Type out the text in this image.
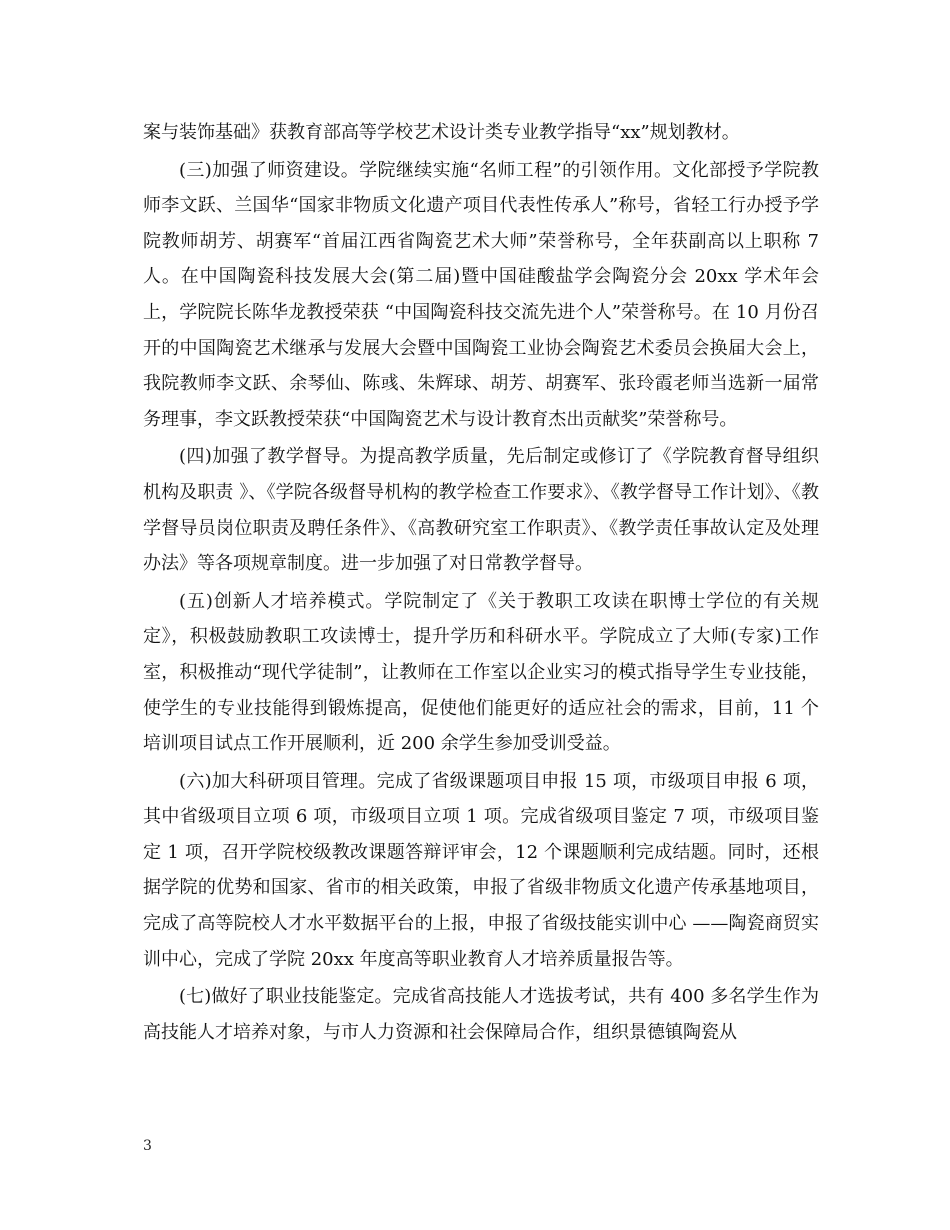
案与装饰基础》获教育部高等学校艺术设计类专业教学指导“xx”规划教材。

(三)加强了师资建设。学院继续实施“名师工程”的引领作用。文化部授予学院教师李文跃、兰国华“国家非物质文化遗产项目代表性传承人”称号，省轻工行办授予学院教师胡芳、胡赛军“首届江西省陶瓷艺术大师”荣誉称号，全年获副高以上职称 7 人。在中国陶瓷科技发展大会(第二届)暨中国硅酸盐学会陶瓷分会 20xx 学术年会上，学院院长陈华龙教授荣获 “中国陶瓷科技交流先进个人”荣誉称号。在 10 月份召开的中国陶瓷艺术继承与发展大会暨中国陶瓷工业协会陶瓷艺术委员会换届大会上，我院教师李文跃、余琴仙、陈彧、朱辉球、胡芳、胡赛军、张玲霞老师当选新一届常务理事，李文跃教授荣获“中国陶瓷艺术与设计教育杰出贡献奖”荣誉称号。

(四)加强了教学督导。为提高教学质量，先后制定或修订了《学院教育督导组织机构及职责 》、《学院各级督导机构的教学检查工作要求》、《教学督导工作计划》、《教学督导员岗位职责及聘任条件》、《高教研究室工作职责》、《教学责任事故认定及处理办法》等各项规章制度。进一步加强了对日常教学督导。

(五)创新人才培养模式。学院制定了《关于教职工攻读在职博士学位的有关规定》，积极鼓励教职工攻读博士，提升学历和科研水平。学院成立了大师(专家)工作室，积极推动“现代学徒制”，让教师在工作室以企业实习的模式指导学生专业技能，使学生的专业技能得到锻炼提高，促使他们能更好的适应社会的需求，目前，11 个培训项目试点工作开展顺利，近 200 余学生参加受训受益。

(六)加大科研项目管理。完成了省级课题项目申报 15 项，市级项目申报 6 项，其中省级项目立项 6 项，市级项目立项 1 项。完成省级项目鉴定 7 项，市级项目鉴定 1 项，召开学院校级教改课题答辩评审会，12 个课题顺利完成结题。同时，还根据学院的优势和国家、省市的相关政策，申报了省级非物质文化遗产传承基地项目，完成了高等院校人才水平数据平台的上报，申报了省级技能实训中心 ——陶瓷商贸实训中心，完成了学院 20xx 年度高等职业教育人才培养质量报告等。

(七)做好了职业技能鉴定。完成省高技能人才选拔考试，共有 400 多名学生作为高技能人才培养对象，与市人力资源和社会保障局合作，组织景德镇陶瓷从

3
